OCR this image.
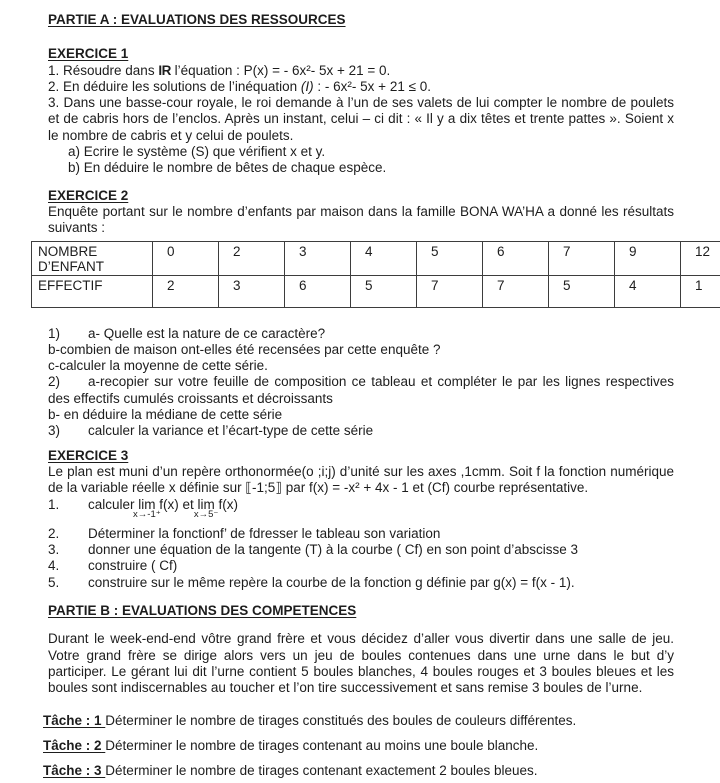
PARTIE A : EVALUATIONS DES RESSOURCES

EXERCICE 1

1. Résoudre dans IR l’équation : P(x) = - 6x²- 5x + 21 = 0.

2. En déduire les solutions de l’inéquation (I) : - 6x²- 5x + 21 ≤ 0.

3. Dans une basse-cour royale, le roi demande à l’un de ses valets de lui compter le nombre de poulets et de cabris hors de l’enclos. Après un instant, celui – ci dit : « Il y a dix têtes et trente pattes ». Soient x le nombre de cabris et y celui de poulets.

a) Ecrire le système (S) que vérifient x et y.

b) En déduire le nombre de bêtes de chaque espèce.

EXERCICE 2

Enquête portant sur le nombre d’enfants par maison dans la famille BONA WA’HA a donné les résultats suivants :

NOMBRE D’ENFANT	0	2	3	4	5	6	7	9	12
EFFECTIF	2	3	6	5	7	7	5	4	1

1) a- Quelle est la nature de ce caractère?

b-combien de maison ont-elles été recensées par cette enquête ?

c-calculer la moyenne de cette série.

2) a-recopier sur votre feuille de composition ce tableau et compléter le par les lignes respectives des effectifs cumulés croissants et décroissants

b- en déduire la médiane de cette série

3) calculer la variance et l’écart-type de cette série

EXERCICE 3

Le plan est muni d’un repère orthonormée(o ;i;j) d’unité sur les axes ,1cmm. Soit f la fonction numérique de la variable réelle x définie sur ⟦-1;5⟧ par f(x) = -x² + 4x - 1 et (Cf) courbe représentative.

1. calculer lim
x→-1⁺
f(x) et lim
x→5⁻
f(x)

2. Déterminer la fonctionf’ de fdresser le tableau son variation

3. donner une équation de la tangente (T) à la courbe ( Cf) en son point d’abscisse 3

4. construire ( Cf)

5. construire sur le même repère la courbe de la fonction g définie par g(x) = f(x - 1).

PARTIE B : EVALUATIONS DES COMPETENCES

Durant le week-end-end vôtre grand frère et vous décidez d’aller vous divertir dans une salle de jeu. Votre grand frère se dirige alors vers un jeu de boules contenues dans une urne dans le but d’y participer. Le gérant lui dit l’urne contient 5 boules blanches, 4 boules rouges et 3 boules bleues et les boules sont indiscernables au toucher et l’on tire successivement et sans remise 3 boules de l’urne.

Tâche : 1 Déterminer le nombre de tirages constitués des boules de couleurs différentes.

Tâche : 2 Déterminer le nombre de tirages contenant au moins une boule blanche.

Tâche : 3 Déterminer le nombre de tirages contenant exactement 2 boules bleues.
